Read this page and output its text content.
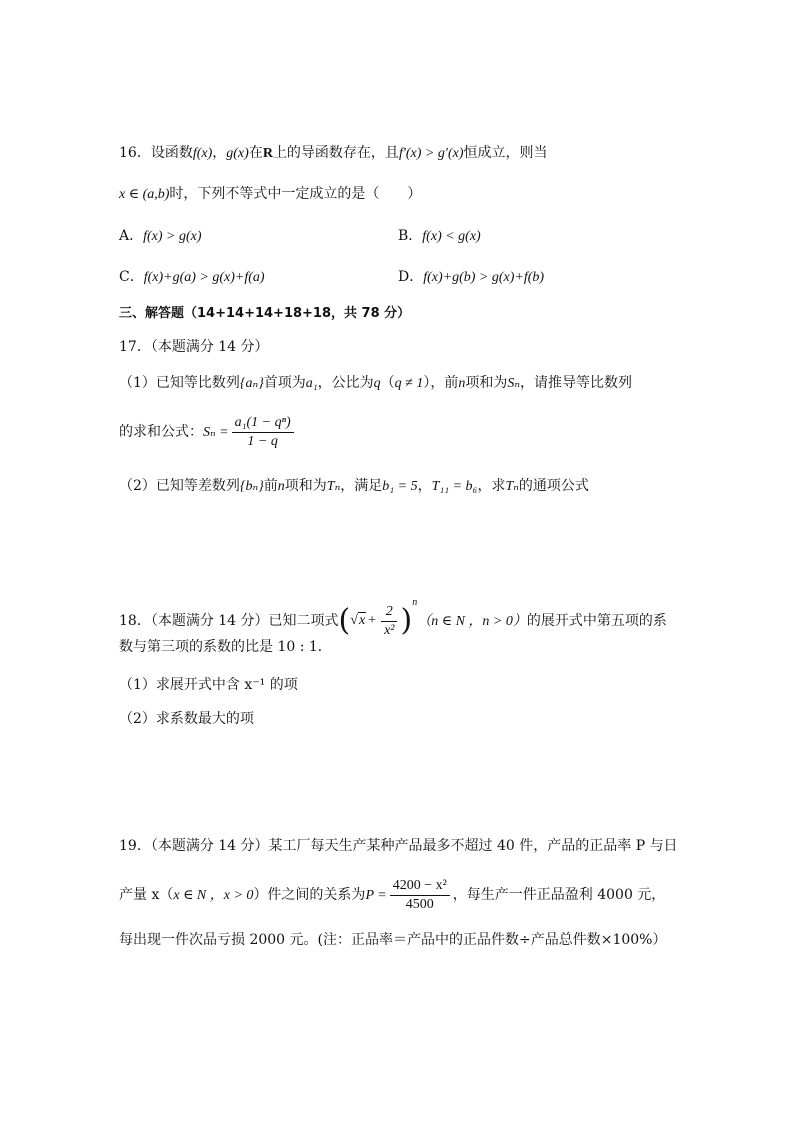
16．设函数f(x)，g(x)在R上的导函数存在，且f′(x) > g′(x)恒成立，则当
x ∈ (a,b)时，下列不等式中一定成立的是（　　）
A．f(x) > g(x)	B．f(x) < g(x)
C．f(x)+g(a) > g(x)+f(a)	D．f(x)+g(b) > g(x)+f(b)
三、解答题（14+14+14+18+18，共 78 分）
17．（本题满分 14 分）
（1）已知等比数列{aₙ}首项为a₁，公比为q（q ≠ 1），前n项和为Sₙ，请推导等比数列
的求和公式：$S_n = \frac{\text{a₁(1 − qⁿ)}}{1 - q}$
（2）已知等差数列{bₙ}前n项和为Tₙ，满足b₁ = 5，T₁₁ = b₆，求Tₙ的通项公式
18．（本题满分 14 分）已知二项式$(√x + \frac{2}{\text{x²}} )^n(n$ ∈ N ，n > 0）的展开式中第五项的系
数与第三项的系数的比是 10 : 1．
（1）求展开式中含 x⁻¹ 的项
（2）求系数最大的项
19．（本题满分 14 分）某工厂每天生产某种产品最多不超过 40 件，产品的正品率 P 与日
产量 x（x ∈ N ，x > 0）件之间的关系为$P = \frac{\text{4200 − x²}}{4500}$ ，每生产一件正品盈利 4000 元，
每出现一件次品亏损 2000 元。(注：正品率＝产品中的正品件数÷产品总件数×100%）
